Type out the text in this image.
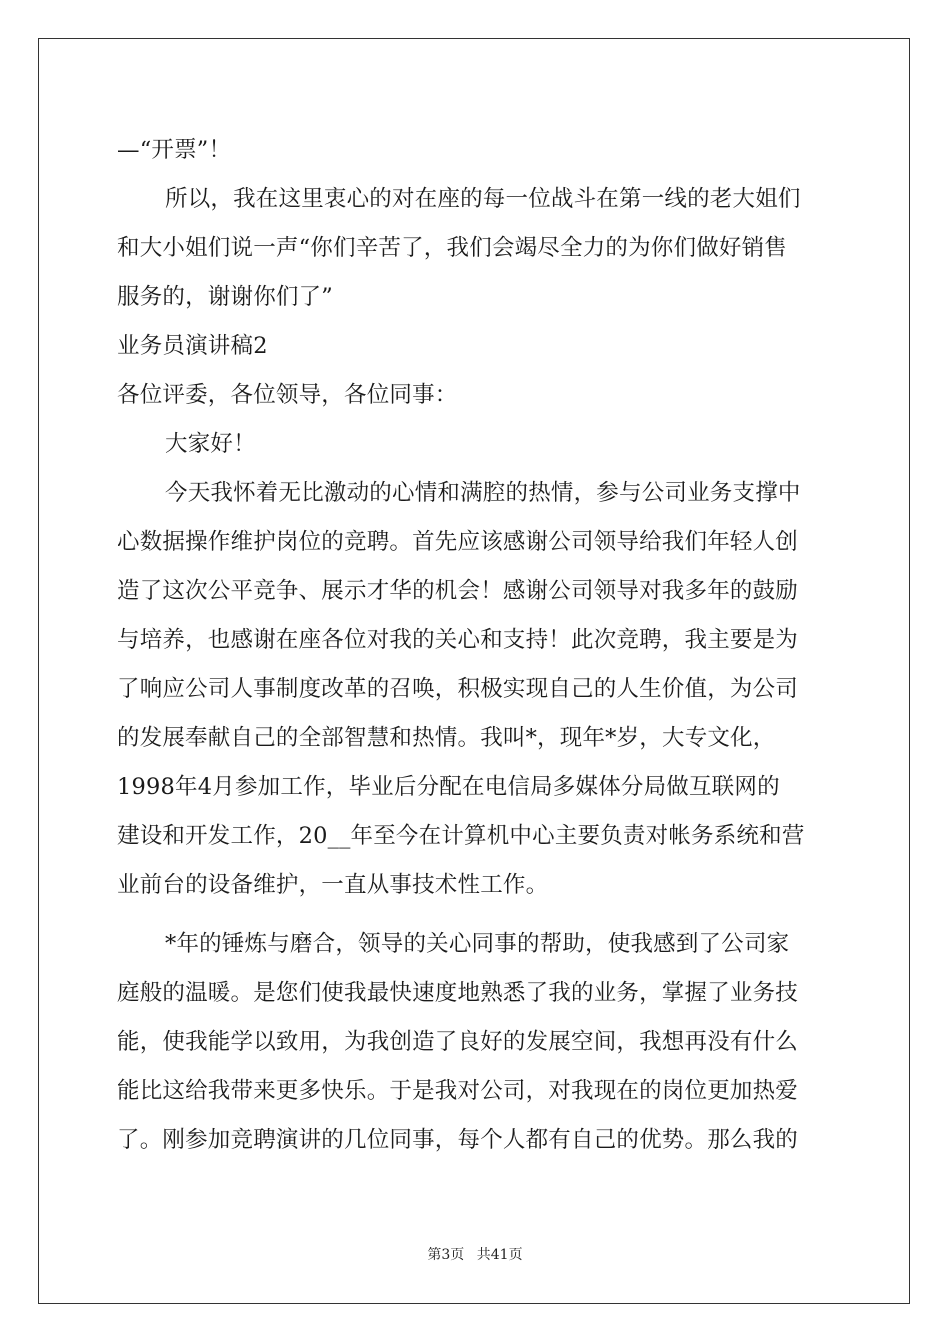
—“开票”！
所以，我在这里衷心的对在座的每一位战斗在第一线的老大姐们
和大小姐们说一声“你们辛苦了，我们会竭尽全力的为你们做好销售
服务的，谢谢你们了”
业务员演讲稿2
各位评委，各位领导，各位同事：
大家好！
今天我怀着无比激动的心情和满腔的热情，参与公司业务支撑中
心数据操作维护岗位的竞聘。首先应该感谢公司领导给我们年轻人创
造了这次公平竞争、展示才华的机会！感谢公司领导对我多年的鼓励
与培养，也感谢在座各位对我的关心和支持！此次竞聘，我主要是为
了响应公司人事制度改革的召唤，积极实现自己的人生价值，为公司
的发展奉献自己的全部智慧和热情。我叫*，现年*岁，大专文化，
1998年4月参加工作，毕业后分配在电信局多媒体分局做互联网的
建设和开发工作，20__年至今在计算机中心主要负责对帐务系统和营
业前台的设备维护，一直从事技术性工作。
*年的锤炼与磨合，领导的关心同事的帮助，使我感到了公司家
庭般的温暖。是您们使我最快速度地熟悉了我的业务，掌握了业务技
能，使我能学以致用，为我创造了良好的发展空间，我想再没有什么
能比这给我带来更多快乐。于是我对公司，对我现在的岗位更加热爱
了。刚参加竞聘演讲的几位同事，每个人都有自己的优势。那么我的
第3页 共41页
